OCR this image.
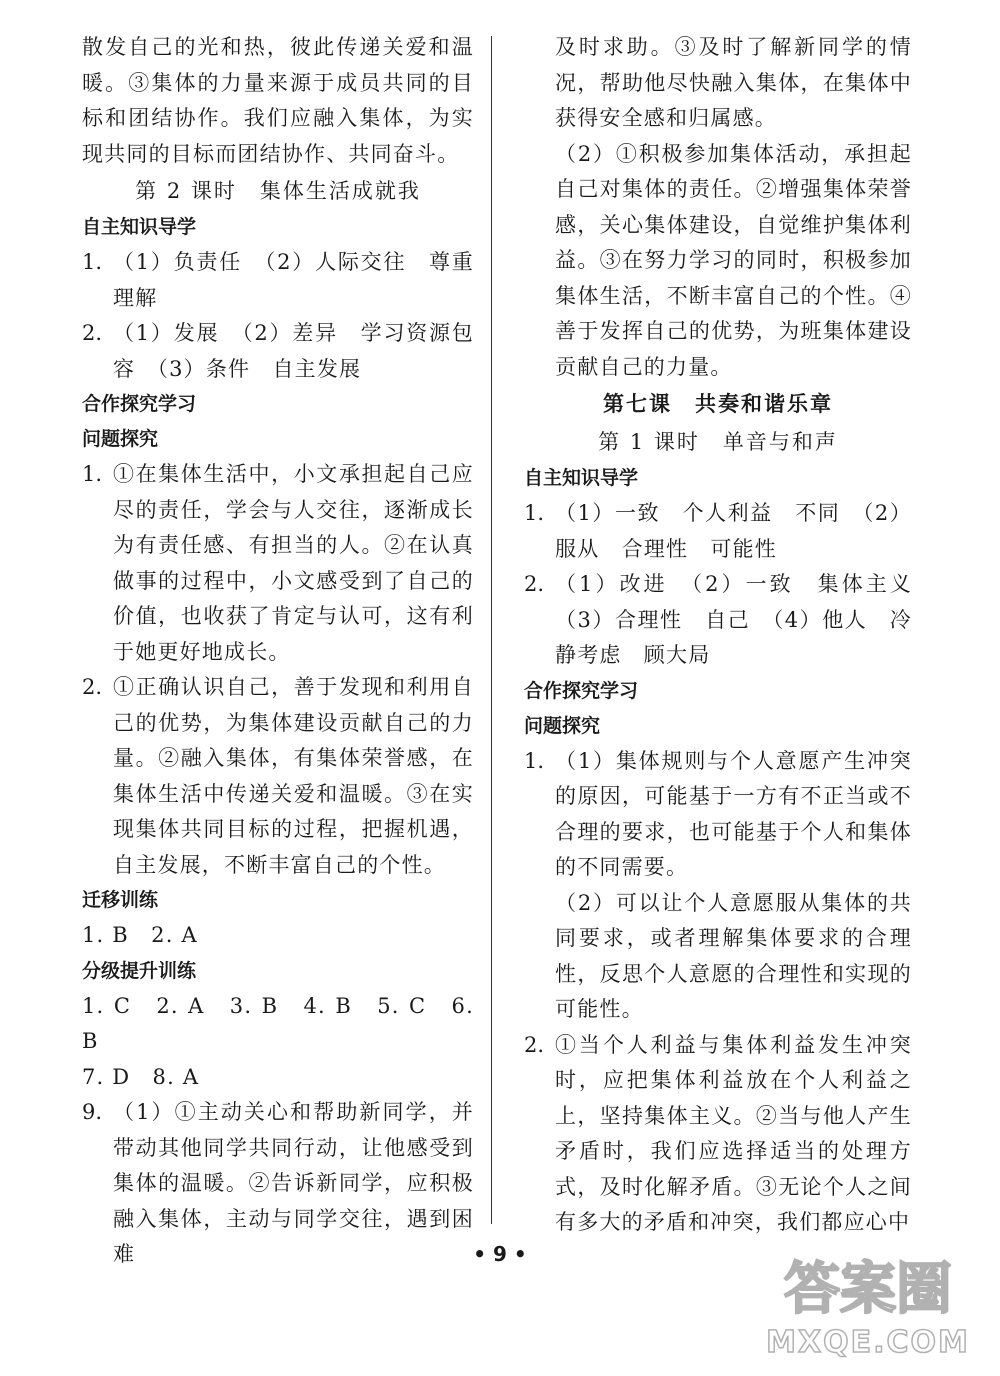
散发自己的光和热，彼此传递关爱和温暖。③集体的力量来源于成员共同的目标和团结协作。我们应融入集体，为实现共同的目标而团结协作、共同奋斗。

第 2 课时　集体生活成就我

自主知识导学

1. （1）负责任　（2）人际交往　尊重理解

2. （1）发展　（2）差异　学习资源包容　（3）条件　自主发展

合作探究学习

问题探究

1. ①在集体生活中，小文承担起自己应尽的责任，学会与人交往，逐渐成长为有责任感、有担当的人。②在认真做事的过程中，小文感受到了自己的价值，也收获了肯定与认可，这有利于她更好地成长。

2. ①正确认识自己，善于发现和利用自己的优势，为集体建设贡献自己的力量。②融入集体，有集体荣誉感，在集体生活中传递关爱和温暖。③在实现集体共同目标的过程，把握机遇，自主发展，不断丰富自己的个性。

迁移训练

1. B　2. A

分级提升训练

1. C　2. A　3. B　4. B　5. C　6. B

7. D　8. A

9. （1）①主动关心和帮助新同学，并带动其他同学共同行动，让他感受到集体的温暖。②告诉新同学，应积极融入集体，主动与同学交往，遇到困难

及时求助。③及时了解新同学的情况，帮助他尽快融入集体，在集体中获得安全感和归属感。

（2）①积极参加集体活动，承担起自己对集体的责任。②增强集体荣誉感，关心集体建设，自觉维护集体利益。③在努力学习的同时，积极参加集体生活，不断丰富自己的个性。④善于发挥自己的优势，为班集体建设贡献自己的力量。

第七课　共奏和谐乐章

第 1 课时　单音与和声

自主知识导学

1. （1）一致　个人利益　不同　（2）服从　合理性　可能性

2. （1）改进　（2）一致　集体主义（3）合理性　自己　（4）他人　冷静考虑　顾大局

合作探究学习

问题探究

1. （1）集体规则与个人意愿产生冲突的原因，可能基于一方有不正当或不合理的要求，也可能基于个人和集体的不同需要。

（2）可以让个人意愿服从集体的共同要求，或者理解集体要求的合理性，反思个人意愿的合理性和实现的可能性。

2. ①当个人利益与集体利益发生冲突时，应把集体利益放在个人利益之上，坚持集体主义。②当与他人产生矛盾时，我们应选择适当的处理方式，及时化解矛盾。③无论个人之间有多大的矛盾和冲突，我们都应心中

• 9 •
答案圈
MXQE.COM
